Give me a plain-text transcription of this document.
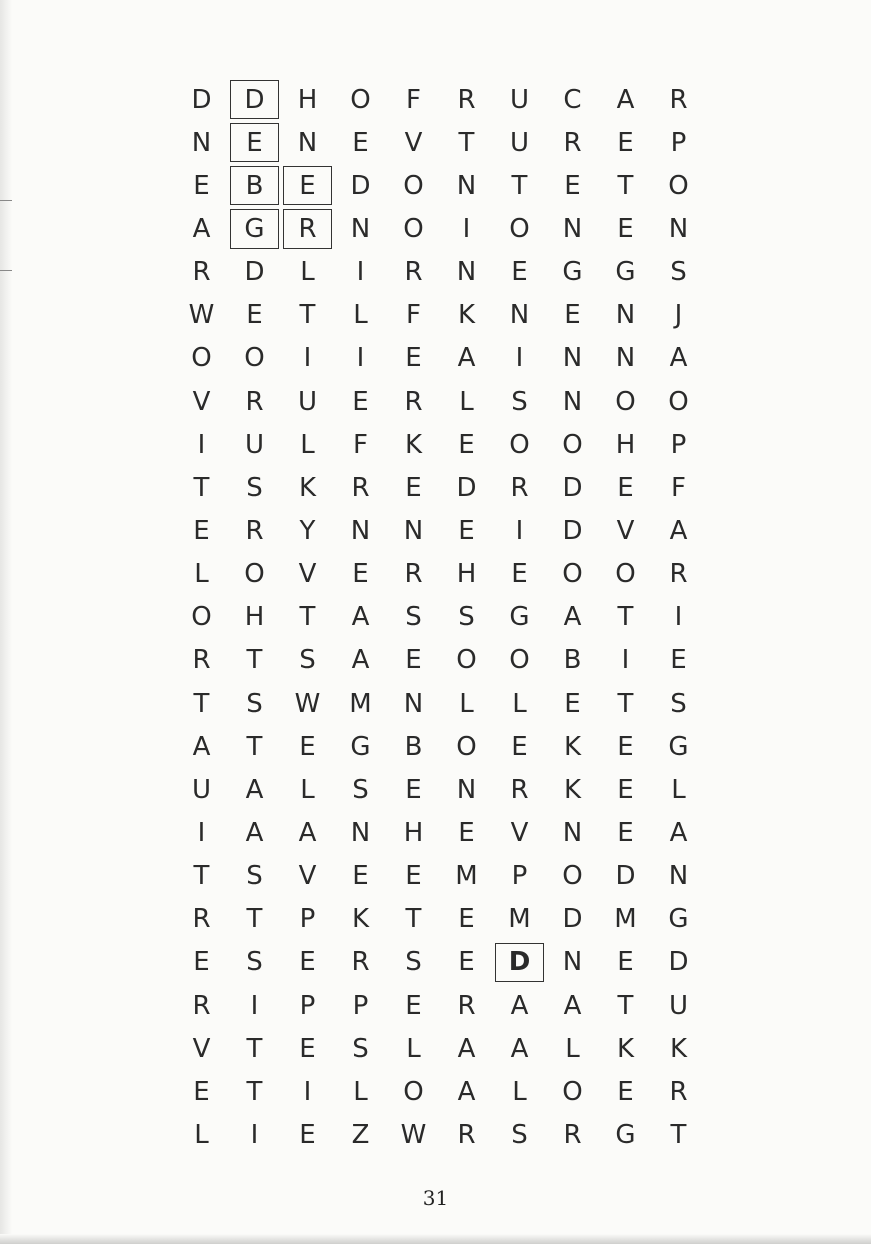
D	D	H	O	F	R	U	C	A	R
N	E	N	E	V	T	U	R	E	P
E	B	E	D	O	N	T	E	T	O
A	G	R	N	O	I	O	N	E	N
R	D	L	I	R	N	E	G	G	S
W	E	T	L	F	K	N	E	N	J
O	O	I	I	E	A	I	N	N	A
V	R	U	E	R	L	S	N	O	O
I	U	L	F	K	E	O	O	H	P
T	S	K	R	E	D	R	D	E	F
E	R	Y	N	N	E	I	D	V	A
L	O	V	E	R	H	E	O	O	R
O	H	T	A	S	S	G	A	T	I
R	T	S	A	E	O	O	B	I	E
T	S	W	M	N	L	L	E	T	S
A	T	E	G	B	O	E	K	E	G
U	A	L	S	E	N	R	K	E	L
I	A	A	N	H	E	V	N	E	A
T	S	V	E	E	M	P	O	D	N
R	T	P	K	T	E	M	D	M	G
E	S	E	R	S	E	D	N	E	D
R	I	P	P	E	R	A	A	T	U
V	T	E	S	L	A	A	L	K	K
E	T	I	L	O	A	L	O	E	R
L	I	E	Z	W	R	S	R	G	T
31
